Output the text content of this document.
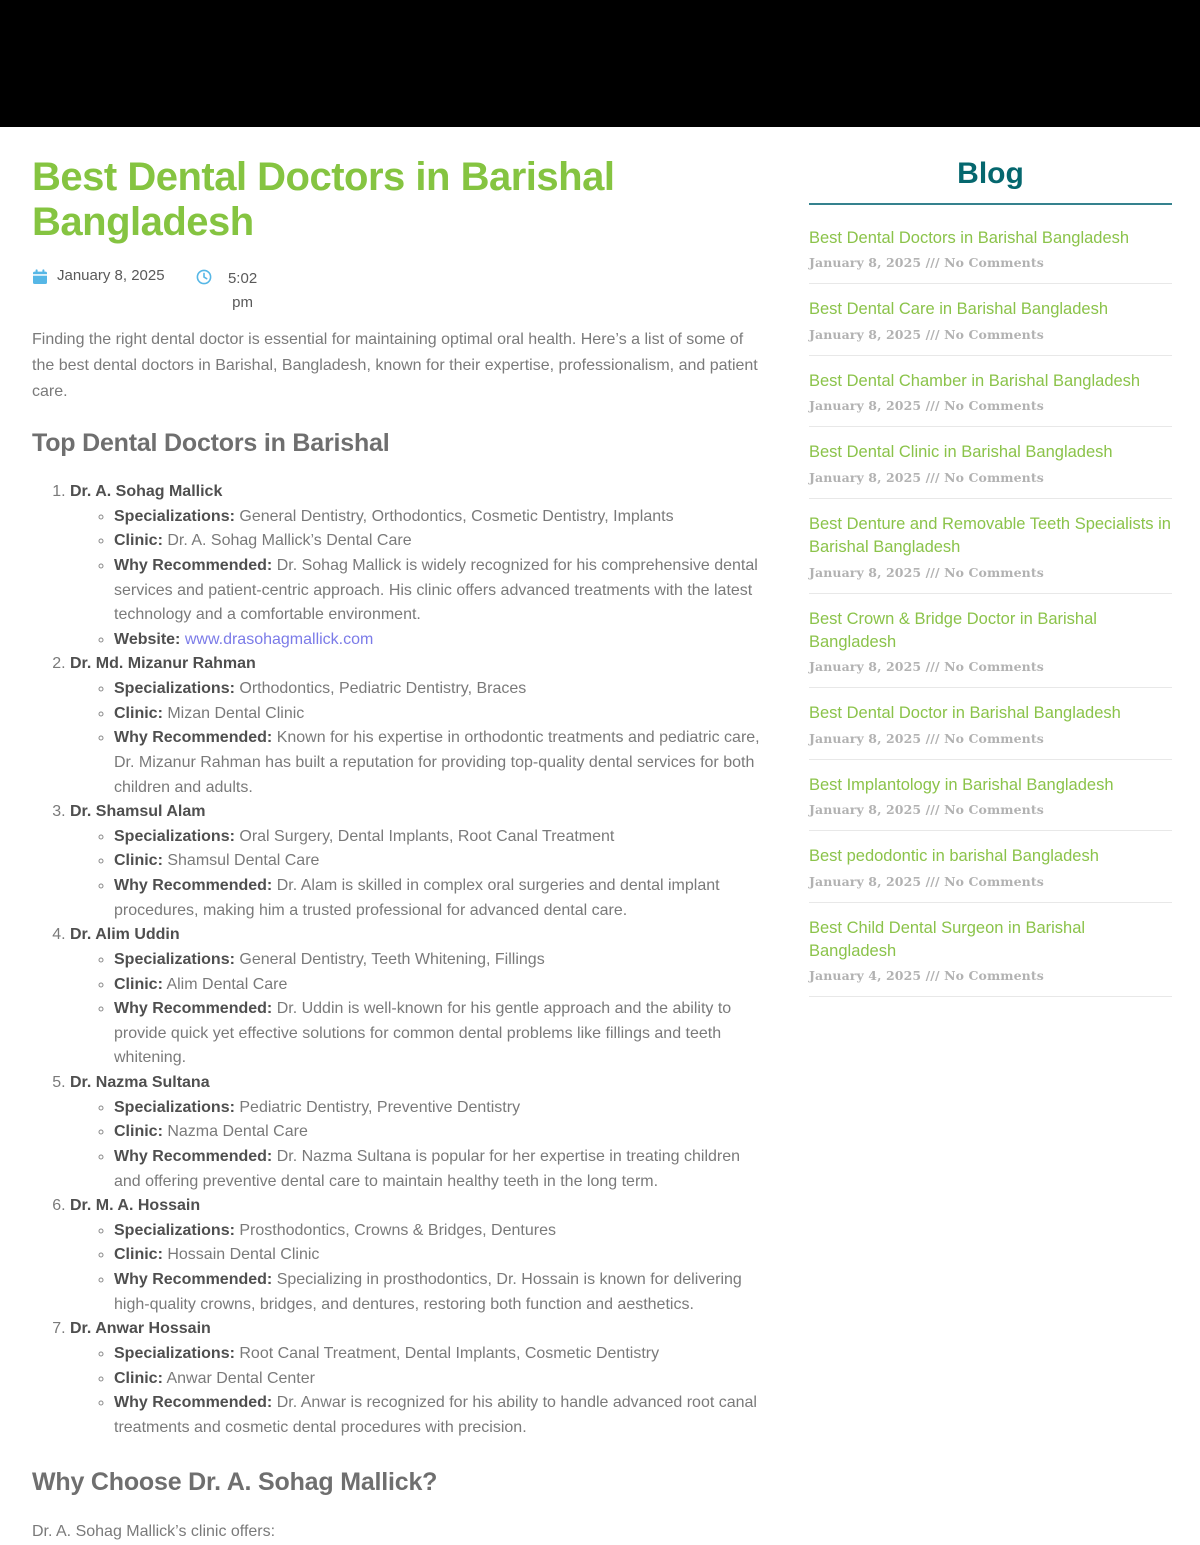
Best Dental Doctors in Barishal Bangladesh
January 8, 2025	5:02 pm

Finding the right dental doctor is essential for maintaining optimal oral health. Here’s a list of some of the best dental doctors in Barishal, Bangladesh, known for their expertise, professionalism, and patient care.

Top Dental Doctors in Barishal
1. Dr. A. Sohag Mallick
◦ Specializations: General Dentistry, Orthodontics, Cosmetic Dentistry, Implants
◦ Clinic: Dr. A. Sohag Mallick’s Dental Care
◦ Why Recommended: Dr. Sohag Mallick is widely recognized for his comprehensive dental services and patient-centric approach. His clinic offers advanced treatments with the latest technology and a comfortable environment.
◦ Website: www.drasohagmallick.com
2. Dr. Md. Mizanur Rahman
◦ Specializations: Orthodontics, Pediatric Dentistry, Braces
◦ Clinic: Mizan Dental Clinic
◦ Why Recommended: Known for his expertise in orthodontic treatments and pediatric care, Dr. Mizanur Rahman has built a reputation for providing top-quality dental services for both children and adults.
3. Dr. Shamsul Alam
◦ Specializations: Oral Surgery, Dental Implants, Root Canal Treatment
◦ Clinic: Shamsul Dental Care
◦ Why Recommended: Dr. Alam is skilled in complex oral surgeries and dental implant procedures, making him a trusted professional for advanced dental care.
4. Dr. Alim Uddin
◦ Specializations: General Dentistry, Teeth Whitening, Fillings
◦ Clinic: Alim Dental Care
◦ Why Recommended: Dr. Uddin is well-known for his gentle approach and the ability to provide quick yet effective solutions for common dental problems like fillings and teeth whitening.
5. Dr. Nazma Sultana
◦ Specializations: Pediatric Dentistry, Preventive Dentistry
◦ Clinic: Nazma Dental Care
◦ Why Recommended: Dr. Nazma Sultana is popular for her expertise in treating children and offering preventive dental care to maintain healthy teeth in the long term.
6. Dr. M. A. Hossain
◦ Specializations: Prosthodontics, Crowns & Bridges, Dentures
◦ Clinic: Hossain Dental Clinic
◦ Why Recommended: Specializing in prosthodontics, Dr. Hossain is known for delivering high-quality crowns, bridges, and dentures, restoring both function and aesthetics.
7. Dr. Anwar Hossain
◦ Specializations: Root Canal Treatment, Dental Implants, Cosmetic Dentistry
◦ Clinic: Anwar Dental Center
◦ Why Recommended: Dr. Anwar is recognized for his ability to handle advanced root canal treatments and cosmetic dental procedures with precision.
Why Choose Dr. A. Sohag Mallick?

Dr. A. Sohag Mallick’s clinic offers:

Blog
Best Dental Doctors in Barishal Bangladesh
January 8, 2025 /// No Comments
Best Dental Care in Barishal Bangladesh
January 8, 2025 /// No Comments
Best Dental Chamber in Barishal Bangladesh
January 8, 2025 /// No Comments
Best Dental Clinic in Barishal Bangladesh
January 8, 2025 /// No Comments
Best Denture and Removable Teeth Specialists in Barishal Bangladesh
January 8, 2025 /// No Comments
Best Crown & Bridge Doctor in Barishal Bangladesh
January 8, 2025 /// No Comments
Best Dental Doctor in Barishal Bangladesh
January 8, 2025 /// No Comments
Best Implantology in Barishal Bangladesh
January 8, 2025 /// No Comments
Best pedodontic in barishal Bangladesh
January 8, 2025 /// No Comments
Best Child Dental Surgeon in Barishal Bangladesh
January 4, 2025 /// No Comments
